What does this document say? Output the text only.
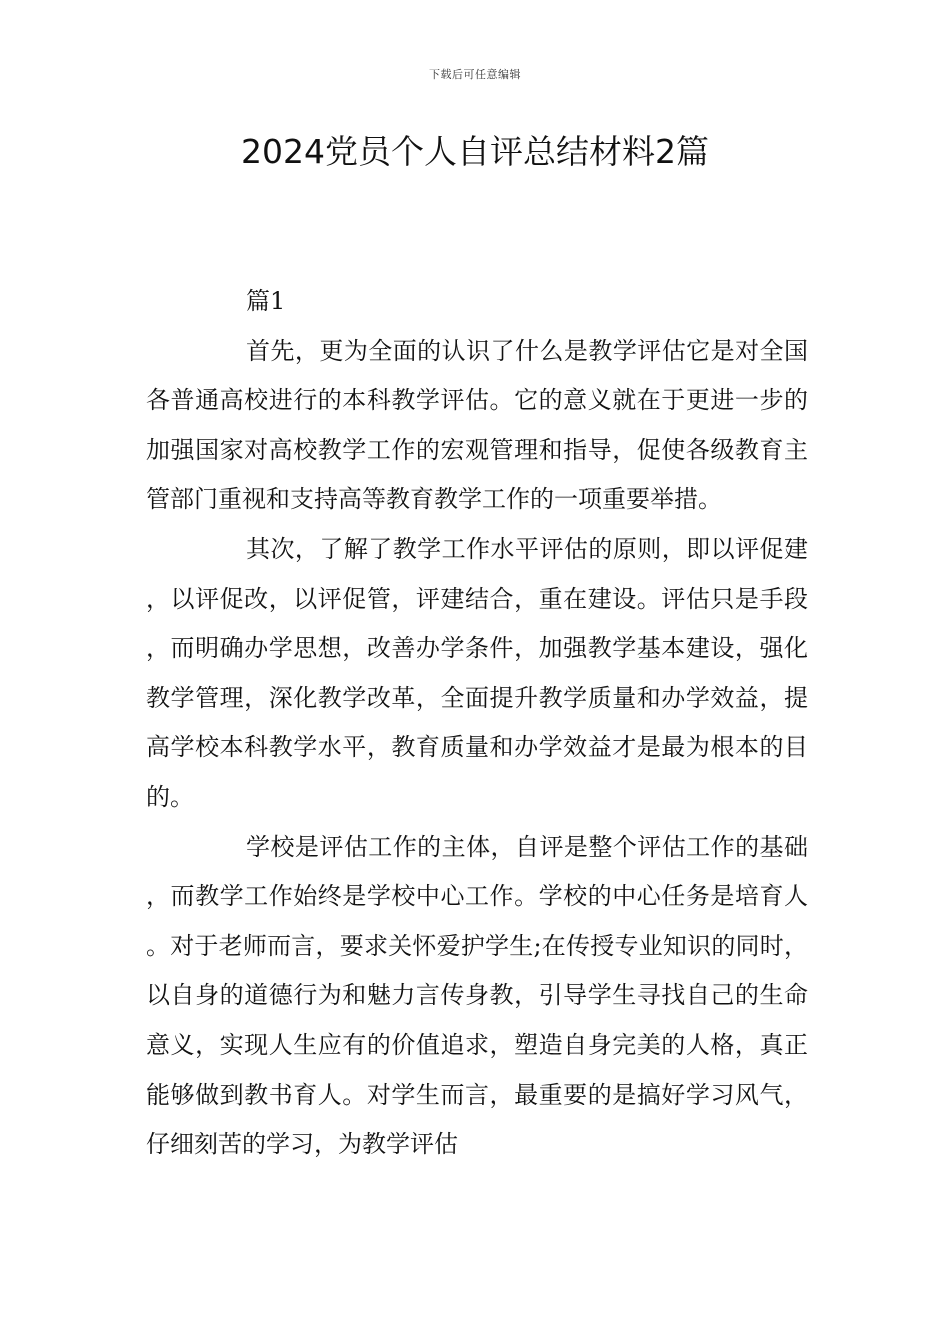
下载后可任意编辑
2024党员个人自评总结材料2篇

篇1

首先，更为全面的认识了什么是教学评估它是对全国各普通高校进行的本科教学评估。它的意义就在于更进一步的加强国家对高校教学工作的宏观管理和指导，促使各级教育主管部门重视和支持高等教育教学工作的一项重要举措。

其次，了解了教学工作水平评估的原则，即以评促建，以评促改，以评促管，评建结合，重在建设。评估只是手段，而明确办学思想，改善办学条件，加强教学基本建设，强化教学管理，深化教学改革，全面提升教学质量和办学效益，提高学校本科教学水平，教育质量和办学效益才是最为根本的目的。

学校是评估工作的主体，自评是整个评估工作的基础，而教学工作始终是学校中心工作。学校的中心任务是培育人。对于老师而言，要求关怀爱护学生;在传授专业知识的同时，以自身的道德行为和魅力言传身教，引导学生寻找自己的生命意义，实现人生应有的价值追求，塑造自身完美的人格，真正能够做到教书育人。对学生而言，最重要的是搞好学习风气，仔细刻苦的学习，为教学评估
